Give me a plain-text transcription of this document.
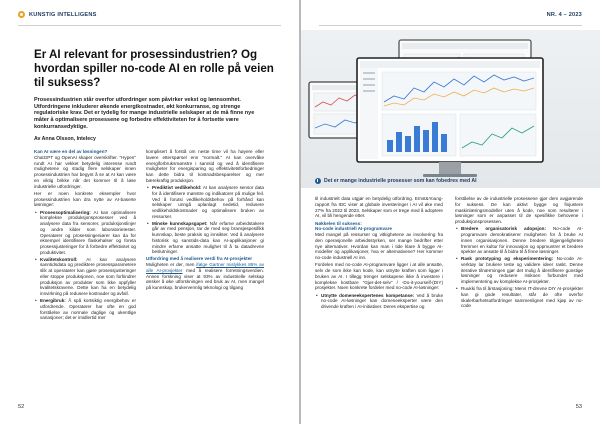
KUNSTIG INTELLIGENS
Er AI relevant for prosessindustrien? Og hvordan spiller no-code AI en rolle på veien til suksess?

Prosessindustrien står overfor utfordringer som påvirker vekst og lønnsomhet. Utfordringene inkluderer økende energikostnader, økt konkurranse, og strenge regulatoriske krav. Det er tydelig for mange industrielle selskaper at de må finne nye måter å optimalisere prosessene og forbedre effektiviteten for å fortsette være konkurransedyktige.

Av Anna Olsson, Intelecy

Kan AI være en del av løsningen?

ChatGPT og OpenAI skaper overskrifter. "Hypen" rundt AI har vekket betydelig interesse rundt mulighetene og stadig flere selskaper innen prosessindustrien har begynt å se at AI kan være en viktig brikke når det kommer til å løse industrielle utfordringer.

Her er noen konkrete eksempler hvor prosessindustrien kan dra nytte av AI-baserte løsninger:

• Prosessoptimalisering: AI kan optimalisere komplekse produksjonsprosesser ved å analysere data fra sensorer, produksjonslinjer og andre kilder som laboratorietester. Operatører og prosessingeniører kan da for eksempel identifisere flaskehalser og foreta prosessjusteringer for å forbedre effektivitet og produktivitet.
• Kvalitetskontroll: AI kan analysere sanntidsdata og prediktere prosessparametere slik at operatører kan gjøre prosessjusteringer eller stoppe produksjonen, noe som forhindrer produksjon av produkter som ikke oppfyller kvalitetskravene. Dette kan ha en betydelig innvirkning på redusere kostnader og avfall.
• Energibruk: Å spå kortsiktig energibehov er utfordrende. Operatører har ofte en god forståelse av normale daglige og ukentlige variasjoner; det er imidlertid mer

komplisert å forstå om neste time vil ha høyere eller lavere etterspørsel enn "normalt." AI kan overvåke energiforbruksmønstre i sanntid og ved å identifisere muligheter for energisparing og effektivitetsforbedringer kan dette bidra til kostnadsbesparelser og mer bærekraftig produksjon.

• Prediktivt vedlikehold: AI kan analysere sensor data for å identifisere mønstre og indikatorer på mulige feil. Ved å forutsi vedlikeholdsbehov på forhånd kan selskaper unngå uplanlagt nedetid, redusere vedlikeholdskostnader og optimalisere bruken av ressurser.
• Minske kunnskapsgapet: Når erfarne arbeidstakere går av med pensjon, tar de med seg bransjespesifikk kunnskap, beste praksis og innsikter. Ved å analysere historisk og sanntids-data kan AI-applikasjoner gi mindre erfarne ansatte mulighet til å ta datadrevne beslutninger.
Utfordring med å realisere verdi fra AI-prosjekter

Muligheten er der, men ifølge Gartner mislykkes 85% av alle AI-prosjekter med å realisere forretningsverdien. Annen forskning viser at 93% av industrielle selskap ønsker å øke utforskningen ved bruk av AI, men mangel på kunnskap, brukervennlig teknologi og tilgang

52
NR. 4 – 2023
Det er mange industrielle prosesser som kan fobedres med AI

til industrielt data utgjør en betydelig utfordring. Ernst&Young-rapport fra IDC viser at globale investeringer i AI vil øke med 27% fra 2022 til 2023. Selskaper som er trege med å adoptere AI, vil bli hengende etter.

Nøkkelen til suksess:
No-code industriell AI-programvare

Med mangel på ressurser og vitkighetene av involvering fra den operasjonelle arbeidsstyrken, ser mange bedrifter etter nye alternativer. Hvordan kan man i tide klare å bygge AI-modeller og applikasjoner, hva er alternativene? Her kommer no-code industriell AI inn.

Fordelen med no-code AI-programvare ligger i at alle ansatte, selv de som ikke kan kode, kan utnytte kraften som ligger i bruken av AI. I tillegg trenger selskapene ikke å investere i komplekse kostbare "Gjør-det-selv" / -Do-it-yourself-(DIY) prosjekter. Noen konkrete fordeler med no-code AI-løsninger:

• Utnytte domeneekspertenes kompetanse: Ved å bruke no-code AI-løsninger kan domeneeksperter være den drivende kraften i AI-initiativer. Deres ekspertise og

forståelse av de industrielle prosessene gjør dem avgjørende for suksess. De kan aktivt bygge og finjustere maskinlæringsmodeller uten å kode, noe som resulterer i løsninger som er anpasset til de spesifikke behovene i produksjonsprosessen.

• Bredere organisatorisk adopsjon: No-code AI-programvare demokratiserer muligheten for å bruke AI innen organisasjonen. Denne bredere tilgjengeligheten fremmer en kultur for innovasjon og oppmuntrer et bredere spekter av ansatte til å bidra til å finne løsninger.
• Rask prototyping og eksperimentering: No-code AI-verktøy lar brukere teste og validere ideer raskt. Denne iterative tilnærmingen gjør det mulig å identifisere gunstige løsninger og redusere risikoen forbundet med implementering av komplekse AI-prosjekter.
• Ruukki fra til årstasjoning: Mens IT-drevne DIY AI-prosjekter kan gi gode resultater, står de ofte overfor skalerbarhetsutfordringer sammenlignet med kjøp av no-code
53
